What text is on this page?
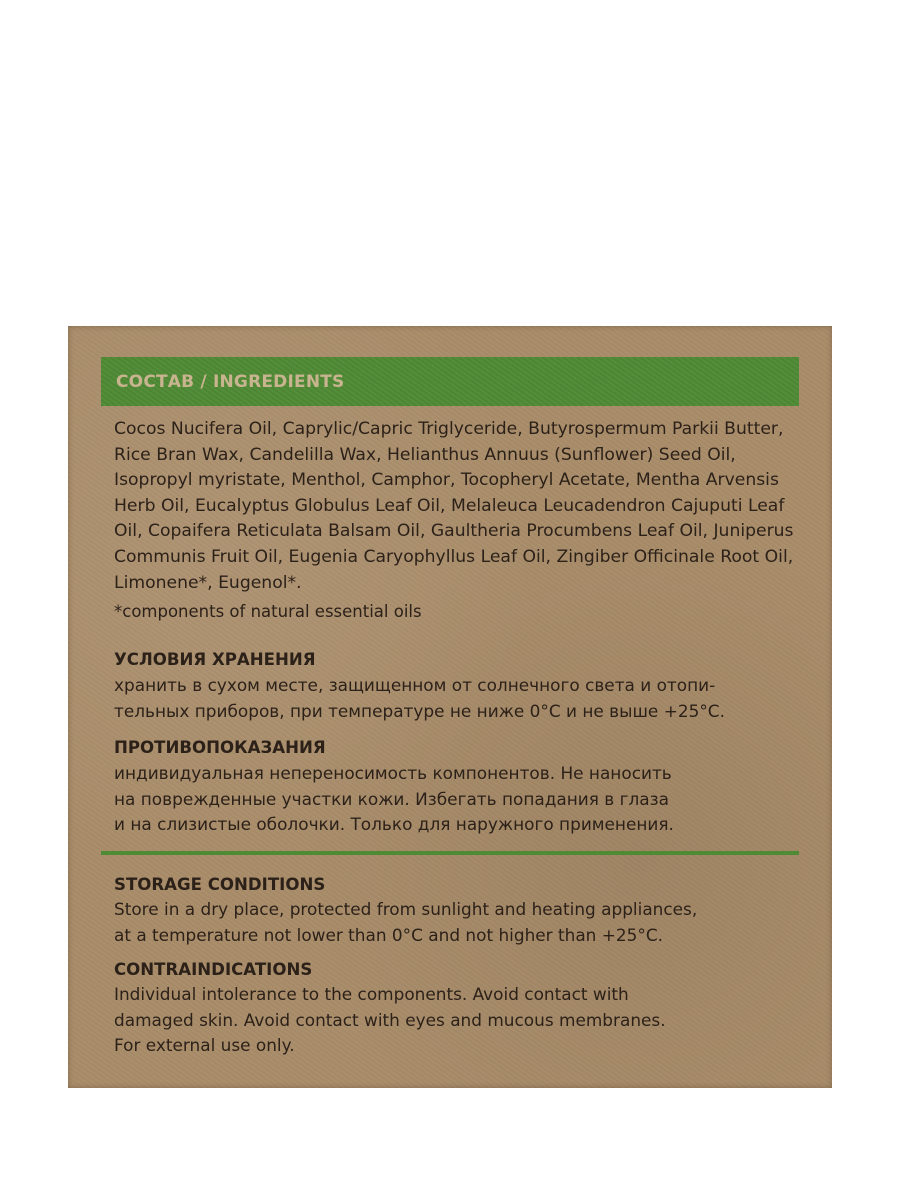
СОСТАВ / INGREDIENTS
Cocos Nucifera Oil, Caprylic/Capric Triglyceride, Butyrospermum Parkii Butter, Rice Bran Wax, Candelilla Wax, Helianthus Annuus (Sunflower) Seed Oil, Isopropyl myristate, Menthol, Camphor, Tocopheryl Acetate, Mentha Arvensis Herb Oil, Eucalyptus Globulus Leaf Oil, Melaleuca Leucadendron Cajuputi Leaf Oil, Copaifera Reticulata Balsam Oil, Gaultheria Procumbens Leaf Oil, Juniperus Communis Fruit Oil, Eugenia Caryophyllus Leaf Oil, Zingiber Officinale Root Oil, Limonene*, Eugenol*.
*components of natural essential oils
УСЛОВИЯ ХРАНЕНИЯ
хранить в сухом месте, защищенном от солнечного света и отопи-
тельных приборов, при температуре не ниже 0°С и не выше +25°С.
ПРОТИВОПОКАЗАНИЯ
индивидуальная непереносимость компонентов. Не наносить
на поврежденные участки кожи. Избегать попадания в глаза
и на слизистые оболочки. Только для наружного применения.
STORAGE CONDITIONS
Store in a dry place, protected from sunlight and heating appliances,
at a temperature not lower than 0°C and not higher than +25°C.
CONTRAINDICATIONS
Individual intolerance to the components. Avoid contact with
damaged skin. Avoid contact with eyes and mucous membranes.
For external use only.
